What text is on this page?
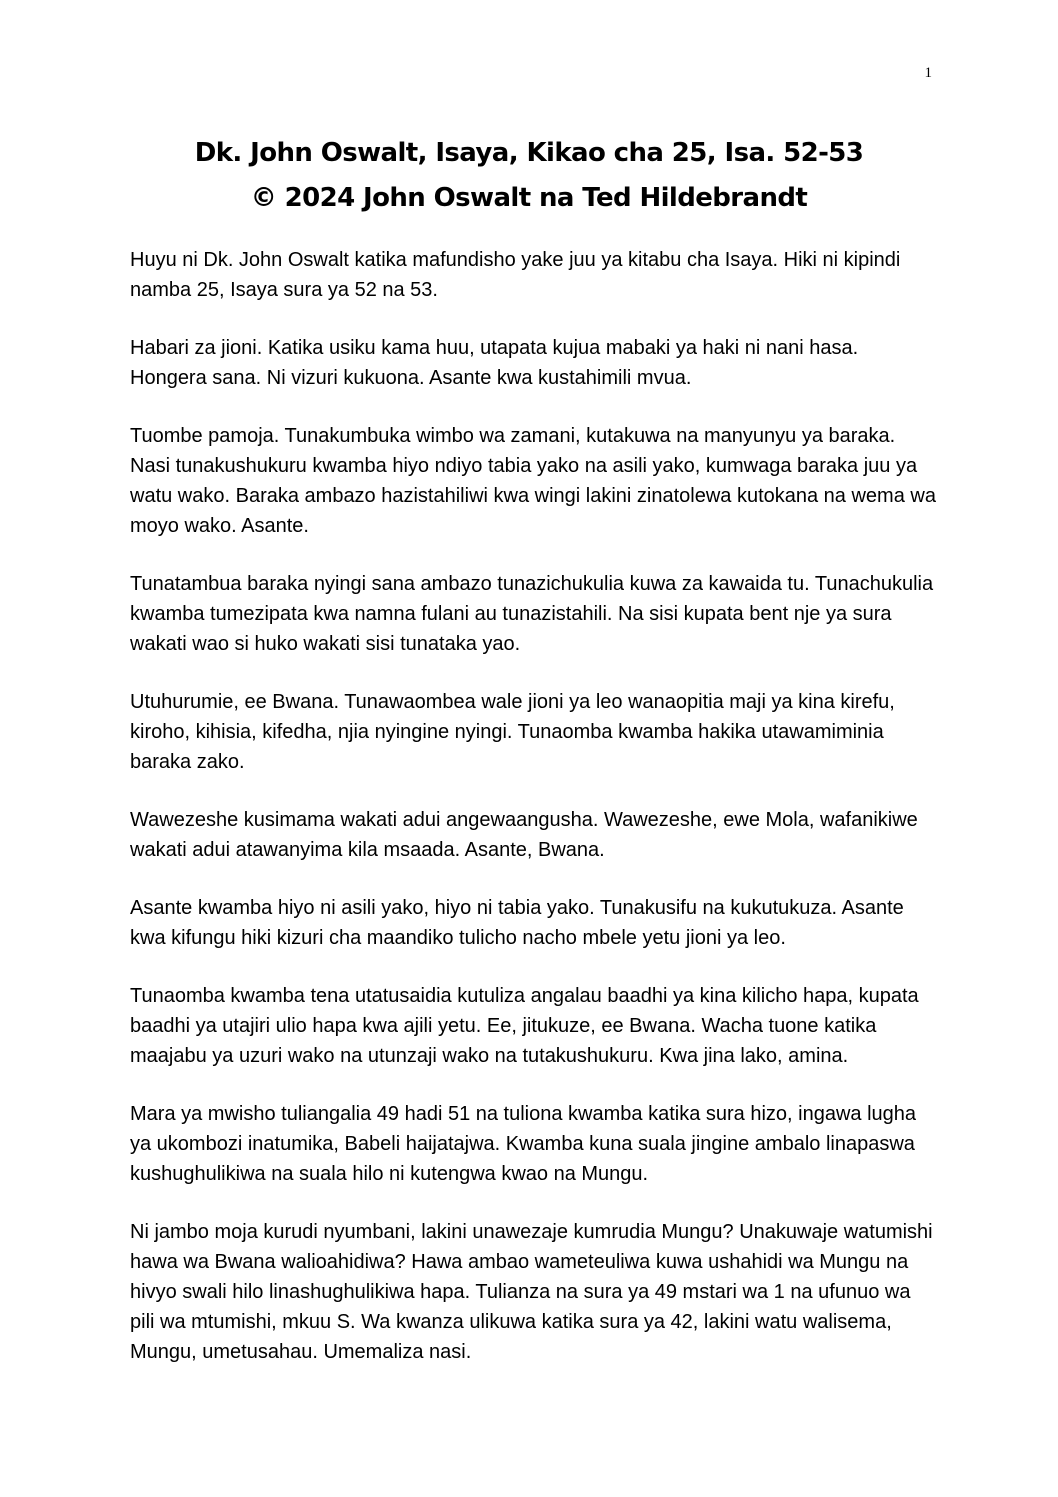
1
Dk. John Oswalt, Isaya, Kikao cha 25, Isa. 52-53
© 2024 John Oswalt na Ted Hildebrandt

Huyu ni Dk. John Oswalt katika mafundisho yake juu ya kitabu cha Isaya. Hiki ni kipindi namba 25, Isaya sura ya 52 na 53.

Habari za jioni. Katika usiku kama huu, utapata kujua mabaki ya haki ni nani hasa. Hongera sana. Ni vizuri kukuona. Asante kwa kustahimili mvua.

Tuombe pamoja. Tunakumbuka wimbo wa zamani, kutakuwa na manyunyu ya baraka. Nasi tunakushukuru kwamba hiyo ndiyo tabia yako na asili yako, kumwaga baraka juu ya watu wako. Baraka ambazo hazistahiliwi kwa wingi lakini zinatolewa kutokana na wema wa moyo wako. Asante.

Tunatambua baraka nyingi sana ambazo tunazichukulia kuwa za kawaida tu. Tunachukulia kwamba tumezipata kwa namna fulani au tunazistahili. Na sisi kupata bent nje ya sura wakati wao si huko wakati sisi tunataka yao.

Utuhurumie, ee Bwana. Tunawaombea wale jioni ya leo wanaopitia maji ya kina kirefu, kiroho, kihisia, kifedha, njia nyingine nyingi. Tunaomba kwamba hakika utawamiminia baraka zako.

Wawezeshe kusimama wakati adui angewaangusha. Wawezeshe, ewe Mola, wafanikiwe wakati adui atawanyima kila msaada. Asante, Bwana.

Asante kwamba hiyo ni asili yako, hiyo ni tabia yako. Tunakusifu na kukutukuza. Asante kwa kifungu hiki kizuri cha maandiko tulicho nacho mbele yetu jioni ya leo.

Tunaomba kwamba tena utatusaidia kutuliza angalau baadhi ya kina kilicho hapa, kupata baadhi ya utajiri ulio hapa kwa ajili yetu. Ee, jitukuze, ee Bwana. Wacha tuone katika maajabu ya uzuri wako na utunzaji wako na tutakushukuru. Kwa jina lako, amina.

Mara ya mwisho tuliangalia 49 hadi 51 na tuliona kwamba katika sura hizo, ingawa lugha ya ukombozi inatumika, Babeli haijatajwa. Kwamba kuna suala jingine ambalo linapaswa kushughulikiwa na suala hilo ni kutengwa kwao na Mungu.

Ni jambo moja kurudi nyumbani, lakini unawezaje kumrudia Mungu? Unakuwaje watumishi hawa wa Bwana walioahidiwa? Hawa ambao wameteuliwa kuwa ushahidi wa Mungu na hivyo swali hilo linashughulikiwa hapa. Tulianza na sura ya 49 mstari wa 1 na ufunuo wa pili wa mtumishi, mkuu S. Wa kwanza ulikuwa katika sura ya 42, lakini watu walisema, Mungu, umetusahau. Umemaliza nasi.
